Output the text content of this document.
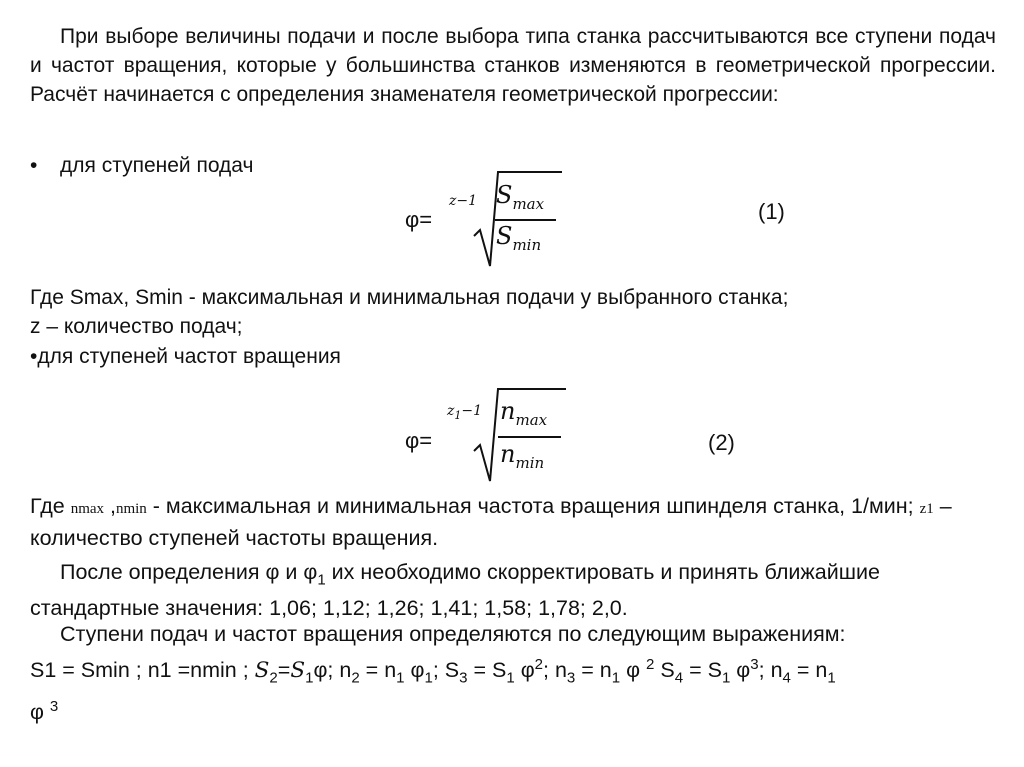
При выборе величины подачи и после выбора типа станка рассчитываются все ступени подач и частот вращения, которые у большинства станков изменяются в геометрической прогрессии. Расчёт начинается с определения знаменателя геометрической прогрессии:

• для ступеней подач
φ=
z−1 $S_{max}$
$S_{min}$
(1)

Где Smax, Smin - максимальная и минимальная подачи у выбранного станка;

z – количество подач;

•для ступеней частот вращения

φ=
$z_1-1$ $n_{max}$
$n_{min}$
(2)

Где nmax ,nmin - максимальная и минимальная частота вращения шпинделя станка, 1/мин; z1 – количество ступеней частоты вращения.

После определения φ и $\varphi_1$ их необходимо скорректировать и принять ближайшие стандартные значения: 1,06; 1,12; 1,26; 1,41; 1,58; 1,78; 2,0.

Ступени подач и частот вращения определяются по следующим выражениям:

S1 = Smin ; n1 =nmin ; $S_2=S_1\varphi$; $n_2 = n_1$ $\varphi_1$; $S_3 = S_1$ $\varphi^2$; $n_3 = n_1$ φ $^2$ $S_4 = S_1$ $\varphi^3$; $n_4 = n_1$
φ $^3$
